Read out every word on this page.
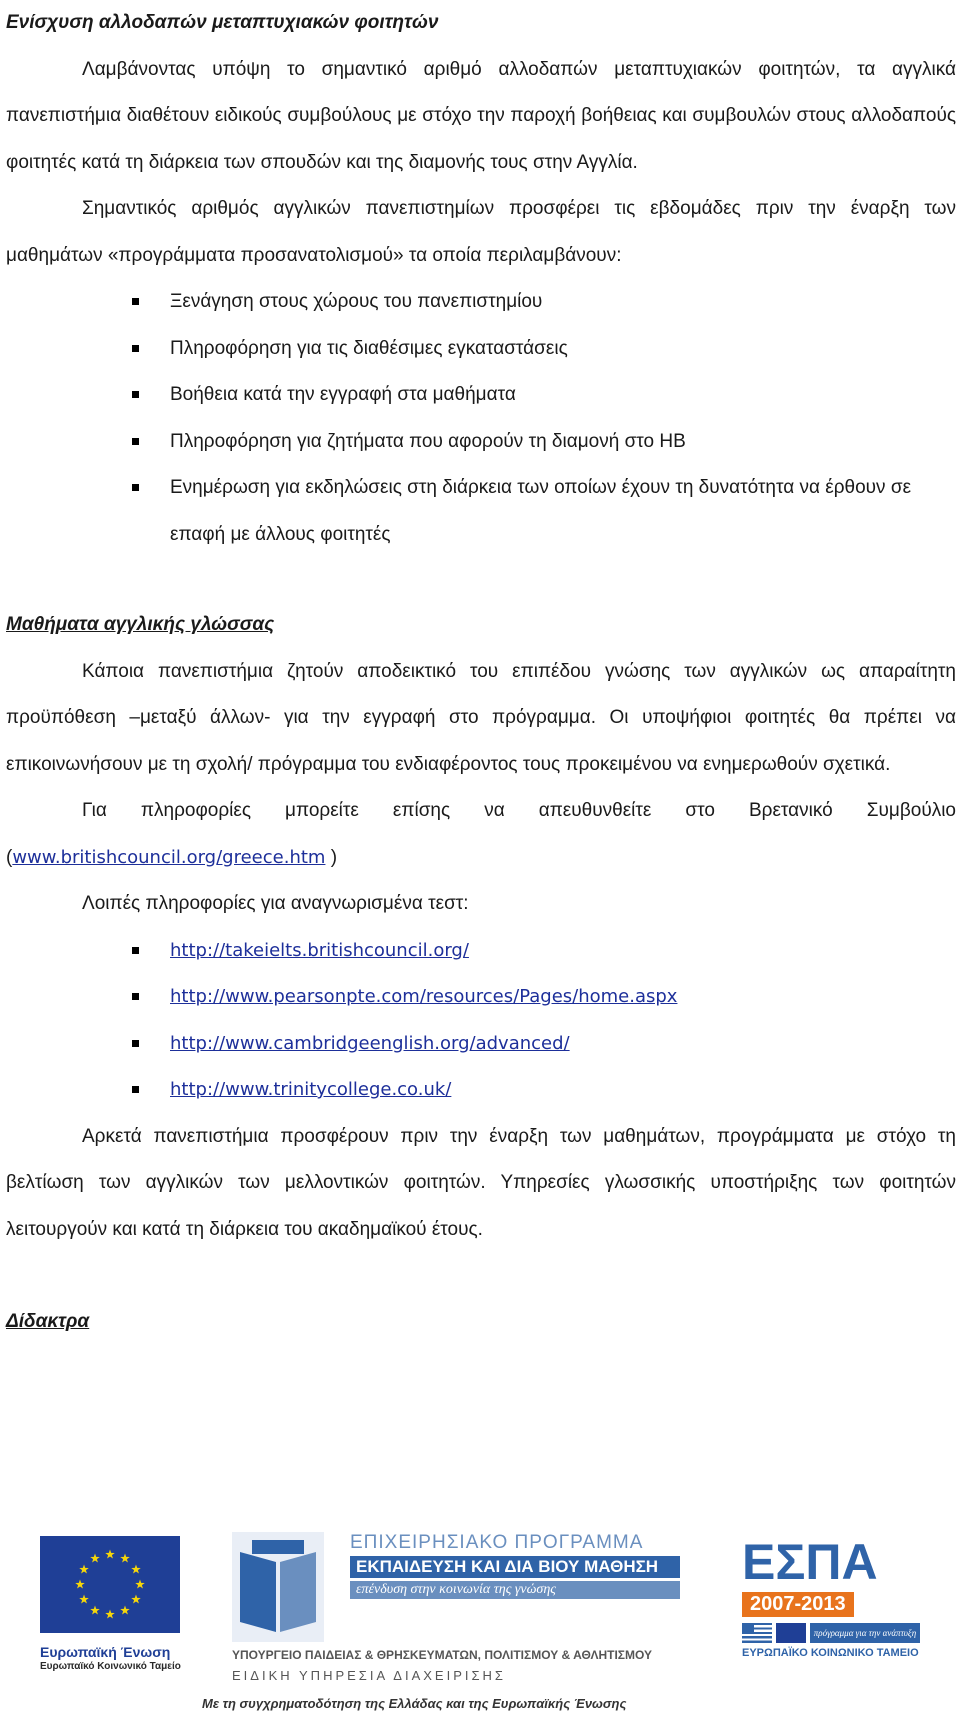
Ενίσχυση αλλοδαπών μεταπτυχιακών φοιτητών

Λαμβάνοντας υπόψη το σημαντικό αριθμό αλλοδαπών μεταπτυχιακών φοιτητών, τα αγγλικά πανεπιστήμια διαθέτουν ειδικούς συμβούλους με στόχο την παροχή βοήθειας και συμβουλών στους αλλοδαπούς φοιτητές κατά τη διάρκεια των σπουδών και της διαμονής τους στην Αγγλία.

Σημαντικός αριθμός αγγλικών πανεπιστημίων προσφέρει τις εβδομάδες πριν την έναρξη των μαθημάτων «προγράμματα προσανατολισμού» τα οποία περιλαμβάνουν:

Ξενάγηση στους χώρους του πανεπιστημίου
Πληροφόρηση για τις διαθέσιμες εγκαταστάσεις
Βοήθεια κατά την εγγραφή στα μαθήματα
Πληροφόρηση για ζητήματα που αφορούν τη διαμονή στο ΗΒ
Ενημέρωση για εκδηλώσεις στη διάρκεια των οποίων έχουν τη δυνατότητα να έρθουν σε επαφή με άλλους φοιτητές
Μαθήματα αγγλικής γλώσσας

Κάποια πανεπιστήμια ζητούν αποδεικτικό του επιπέδου γνώσης των αγγλικών ως απαραίτητη προϋπόθεση –μεταξύ άλλων- για την εγγραφή στο πρόγραμμα. Οι υποψήφιοι φοιτητές θα πρέπει να επικοινωνήσουν με τη σχολή/ πρόγραμμα του ενδιαφέροντος τους προκειμένου να ενημερωθούν σχετικά.

Για πληροφορίες μπορείτε επίσης να απευθυνθείτε στο Βρετανικό Συμβούλιο (www.britishcouncil.org/greece.htm )

Λοιπές πληροφορίες για αναγνωρισμένα τεστ:

http://takeielts.britishcouncil.org/
http://www.pearsonpte.com/resources/Pages/home.aspx
http://www.cambridgeenglish.org/advanced/
http://www.trinitycollege.co.uk/

Αρκετά πανεπιστήμια προσφέρουν πριν την έναρξη των μαθημάτων, προγράμματα με στόχο τη βελτίωση των αγγλικών των μελλοντικών φοιτητών. Υπηρεσίες γλωσσικής υποστήριξης των φοιτητών λειτουργούν και κατά τη διάρκεια του ακαδημαϊκού έτους.

Δίδακτρα
Ευρωπαϊκή Ένωση
Ευρωπαϊκό Κοινωνικό Ταμείο
ΕΠΙΧΕΙΡΗΣΙΑΚΟ ΠΡΟΓΡΑΜΜΑ
ΕΚΠΑΙΔΕΥΣΗ ΚΑΙ ΔΙΑ ΒΙΟΥ ΜΑΘΗΣΗ
επένδυση στην κοινωνία της γνώσης
ΥΠΟΥΡΓΕΙΟ ΠΑΙΔΕΙΑΣ & ΘΡΗΣΚΕΥΜΑΤΩΝ, ΠΟΛΙΤΙΣΜΟΥ & ΑΘΛΗΤΙΣΜΟΥ
ΕΙΔΙΚΗ ΥΠΗΡΕΣΙΑ ΔΙΑΧΕΙΡΙΣΗΣ
Με τη συγχρηματοδότηση της Ελλάδας και της Ευρωπαϊκής Ένωσης
ΕΣΠΑ
2007-2013
πρόγραμμα για την ανάπτυξη
ΕΥΡΩΠΑΪΚΟ ΚΟΙΝΩΝΙΚΟ ΤΑΜΕΙΟ
